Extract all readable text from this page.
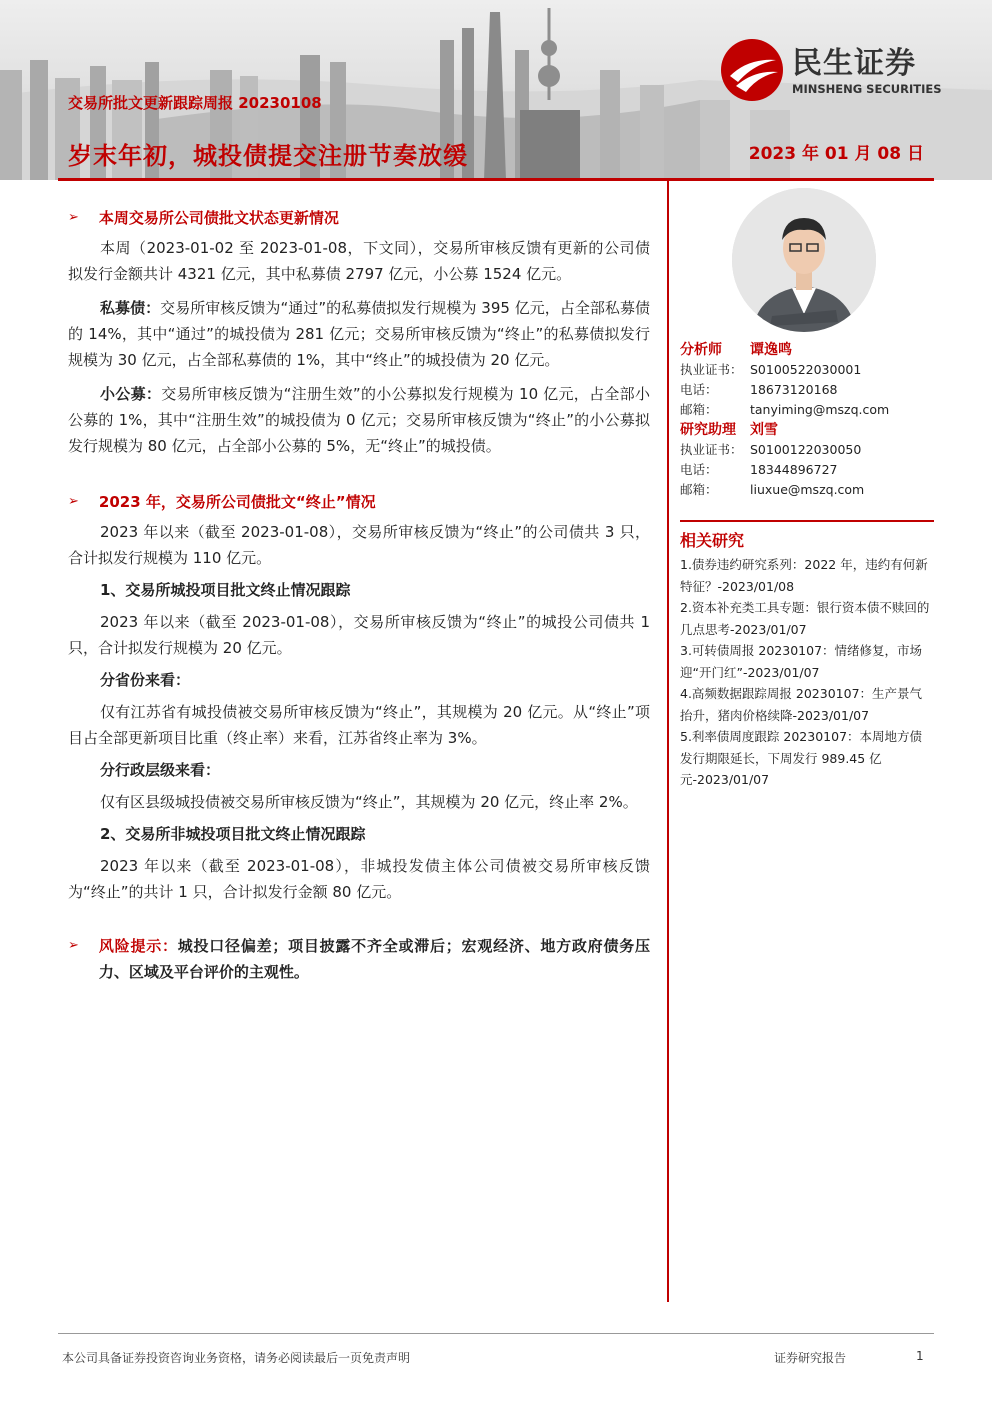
交易所批文更新跟踪周报 20230108
岁末年初，城投债提交注册节奏放缓	2023 年 01 月 08 日
民生证券
MINSHENG SECURITIES
➢ 本周交易所公司债批文状态更新情况

本周（2023-01-02 至 2023-01-08，下文同），交易所审核反馈有更新的公司债拟发行金额共计 4321 亿元，其中私募债 2797 亿元，小公募 1524 亿元。

私募债：交易所审核反馈为“通过”的私募债拟发行规模为 395 亿元，占全部私募债的 14%，其中“通过”的城投债为 281 亿元；交易所审核反馈为“终止”的私募债拟发行规模为 30 亿元，占全部私募债的 1%，其中“终止”的城投债为 20 亿元。

小公募：交易所审核反馈为“注册生效”的小公募拟发行规模为 10 亿元，占全部小公募的 1%，其中“注册生效”的城投债为 0 亿元；交易所审核反馈为“终止”的小公募拟发行规模为 80 亿元，占全部小公募的 5%，无“终止”的城投债。

➢ 2023 年，交易所公司债批文“终止”情况

2023 年以来（截至 2023-01-08），交易所审核反馈为“终止”的公司债共 3 只，合计拟发行规模为 110 亿元。

1、交易所城投项目批文终止情况跟踪

2023 年以来（截至 2023-01-08），交易所审核反馈为“终止”的城投公司债共 1 只，合计拟发行规模为 20 亿元。

分省份来看：

仅有江苏省有城投债被交易所审核反馈为“终止”，其规模为 20 亿元。从“终止”项目占全部更新项目比重（终止率）来看，江苏省终止率为 3%。

分行政层级来看：

仅有区县级城投债被交易所审核反馈为“终止”，其规模为 20 亿元，终止率 2%。

2、交易所非城投项目批文终止情况跟踪

2023 年以来（截至 2023-01-08），非城投发债主体公司债被交易所审核反馈为“终止”的共计 1 只，合计拟发行金额 80 亿元。

➢ 风险提示：城投口径偏差；项目披露不齐全或滞后；宏观经济、地方政府债务压力、区域及平台评价的主观性。

分析师	谭逸鸣
执业证书： S0100522030001
电话：	18673120168
邮箱：	tanyiming@mszq.com
研究助理	刘雪
执业证书： S0100122030050
电话：	18344896727
邮箱：	liuxue@mszq.com
相关研究
1.债券违约研究系列：2022 年，违约有何新特征？-2023/01/08
2.资本补充类工具专题：银行资本债不赎回的几点思考-2023/01/07
3.可转债周报 20230107：情绪修复，市场迎“开门红”-2023/01/07
4.高频数据跟踪周报 20230107：生产景气抬升，猪肉价格续降-2023/01/07
5.利率债周度跟踪 20230107：本周地方债发行期限延长，下周发行 989.45 亿元-2023/01/07
本公司具备证券投资咨询业务资格，请务必阅读最后一页免责声明	证券研究报告	1
